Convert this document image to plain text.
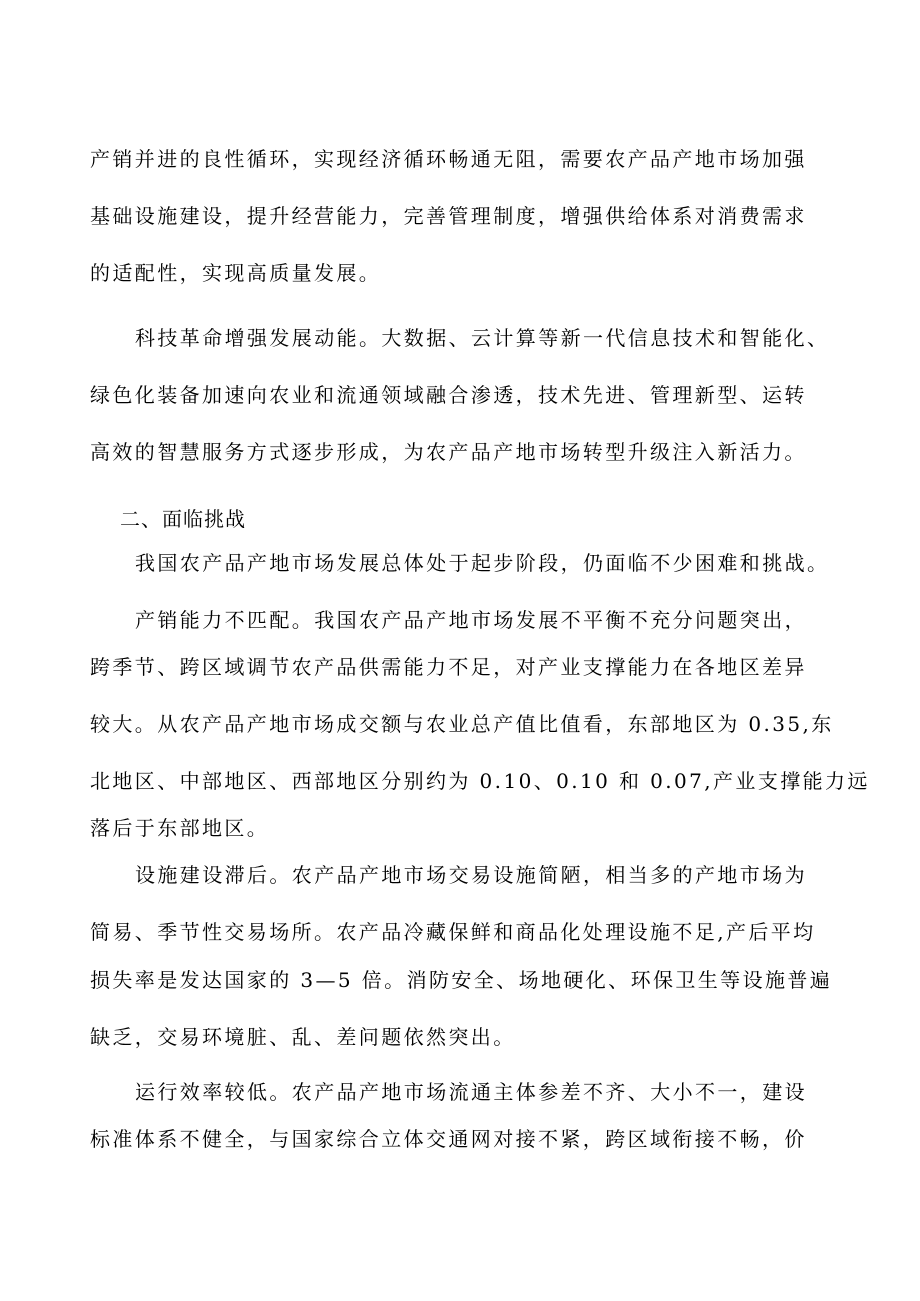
产销并进的良性循环，实现经济循环畅通无阻，需要农产品产地市场加强
基础设施建设，提升经营能力，完善管理制度，增强供给体系对消费需求
的适配性，实现高质量发展。
科技革命增强发展动能。大数据、云计算等新一代信息技术和智能化、
绿色化装备加速向农业和流通领域融合渗透，技术先进、管理新型、运转
高效的智慧服务方式逐步形成，为农产品产地市场转型升级注入新活力。
二、面临挑战
我国农产品产地市场发展总体处于起步阶段，仍面临不少困难和挑战。
产销能力不匹配。我国农产品产地市场发展不平衡不充分问题突出，
跨季节、跨区域调节农产品供需能力不足，对产业支撑能力在各地区差异
较大。从农产品产地市场成交额与农业总产值比值看，东部地区为 0.35,东
北地区、中部地区、西部地区分别约为 0.10、0.10 和 0.07,产业支撑能力远
落后于东部地区。
设施建设滞后。农产品产地市场交易设施简陋，相当多的产地市场为
简易、季节性交易场所。农产品冷藏保鲜和商品化处理设施不足,产后平均
损失率是发达国家的 3—5 倍。消防安全、场地硬化、环保卫生等设施普遍
缺乏，交易环境脏、乱、差问题依然突出。
运行效率较低。农产品产地市场流通主体参差不齐、大小不一，建设
标准体系不健全，与国家综合立体交通网对接不紧，跨区域衔接不畅，价
